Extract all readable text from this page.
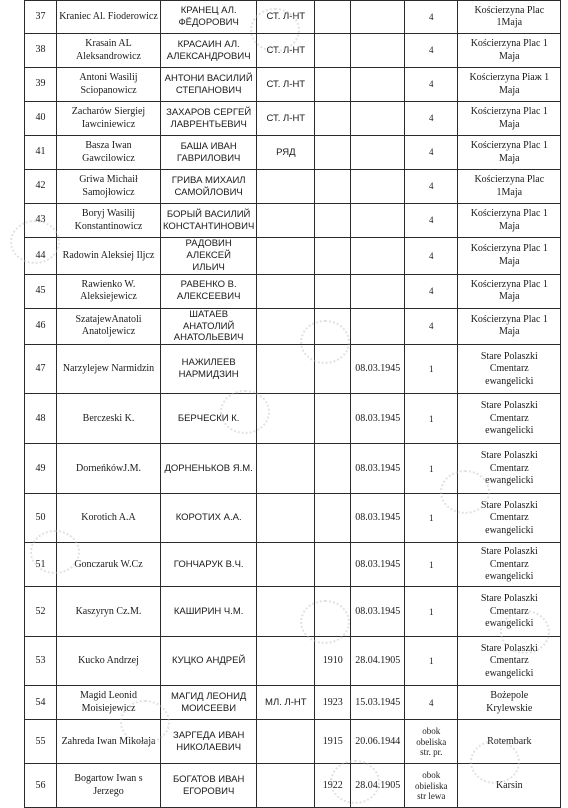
37	Kraniec Al. Fioderowicz	КРАНЕЦ АЛ.
ФЁДОРОВИЧ	СТ. Л-НТ			4	Kościerzyna Plac
1Maja
38	Krasain AL
Aleksandrowicz	КРАСАИН АЛ.
АЛЕКСАНДРОВИЧ	СТ. Л-НТ			4	Kościerzyna Plac 1
Maja
39	Antoni Wasilij
Sciopanowicz	АНТОНИ ВАСИЛИЙ
СТЕПАНОВИЧ	СТ. Л-НТ			4	Kościerzyna Piaж 1
Maja
40	Zacharów Siergiej
Iawciniewicz	ЗАХАРОВ СЕРГЕЙ
ЛАВРЕНТЬЕВИЧ	СТ. Л-НТ			4	Kościerzyna Plac 1
Maja
41	Basza Iwan Gawcilowicz	БАША ИВАН
ГАВРИЛОВИЧ	РЯД			4	Kościerzyna Plac 1
Maja
42	Griwa Michaił
Samojłowicz	ГРИВА МИХАИЛ
САМОЙЛОВИЧ				4	Kościerzyna Plac
1Maja
43	Boryj Wasilij
Konstantinowicz	БОРЫЙ ВАСИЛИЙ
КОНСТАНТИНОВИЧ				4	Kościerzyna Plac 1
Maja
44	Radowin Aleksiej Iljcz	РАДОВИН АЛЕКСЕЙ
ИЛЬИЧ				4	Kościerzyna Plac 1
Maja
45	Rawienko W.
Aleksiejewicz	РАВЕНКО В.
АЛЕКСЕЕВИЧ				4	Kościerzyna Plac 1
Maja
46	SzatajewAnatoli
Anatoljewicz	ШАТАЕВ АНАТОЛИЙ
АНАТОЛЬЕВИЧ				4	Kościerzyna Plac 1
Maja
47	Narzylejew Narmidzin	НАЖИЛЕЕВ
НАРМИДЗИН			08.03.1945	1	Stare Polaszki
Cmentarz
ewangelicki
48	Berczeski K.	БЕРЧЕСКИ К.			08.03.1945	1	Stare Polaszki
Cmentarz
ewangelicki
49	DorneńkówJ.M.	ДОРНЕНЬКОВ Я.М.			08.03.1945	1	Stare Polaszki
Cmentarz
ewangelicki
50	Korotich A.A	КОРОТИХ А.А.			08.03.1945	1	Stare Polaszki
Cmentarz
ewangelicki
51	Gonczaruk W.Cz	ГОНЧАРУК В.Ч.			08.03.1945	1	Stare Polaszki
Cmentarz
ewangelicki
52	Kaszyryn Cz.M.	КАШИРИН Ч.М.			08.03.1945	1	Stare Polaszki
Cmentarz
ewangelicki
53	Kucko Andrzej	КУЦКО АНДРЕЙ		1910	28.04.1905	1	Stare Polaszki
Cmentarz
ewangelicki
54	Magid Leonid
Moisiejewicz	МАГИД ЛЕОНИД
МОИСЕЕВИ	МЛ. Л-НТ	1923	15.03.1945	4	Bożepole
Krylewskie
55	Zahreda Iwan Mikołaja	ЗАРГЕДА ИВАН
НИКОЛАЕВИЧ		1915	20.06.1944	obok
obeliska
str. pr.	Rotembark
56	Bogartow Iwan s Jerzego	БОГАТОВ ИВАН
ЕГОРОВИЧ		1922	28.04.1905	obok
obieliska
str lewa	Karsin
